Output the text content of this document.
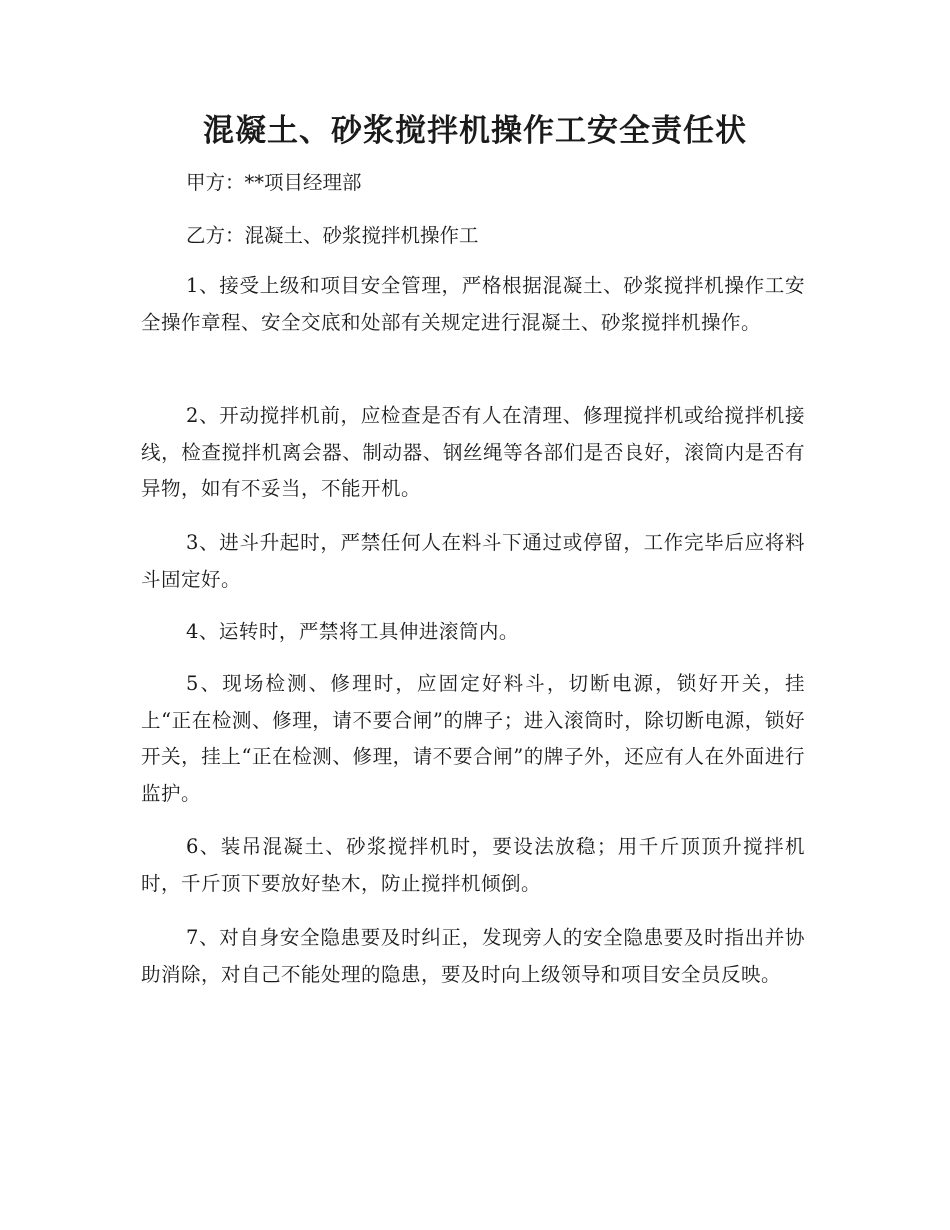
混凝土、砂浆搅拌机操作工安全责任状
甲方：**项目经理部
乙方：混凝土、砂浆搅拌机操作工

1、接受上级和项目安全管理，严格根据混凝土、砂浆搅拌机操作工安全操作章程、安全交底和处部有关规定进行混凝土、砂浆搅拌机操作。

2、开动搅拌机前，应检查是否有人在清理、修理搅拌机或给搅拌机接线，检查搅拌机离会器、制动器、钢丝绳等各部们是否良好，滚筒内是否有异物，如有不妥当，不能开机。

3、进斗升起时，严禁任何人在料斗下通过或停留，工作完毕后应将料斗固定好。

4、运转时，严禁将工具伸进滚筒内。

5、现场检测、修理时，应固定好料斗，切断电源，锁好开关，挂上“正在检测、修理，请不要合闸”的牌子；进入滚筒时，除切断电源，锁好开关，挂上“正在检测、修理，请不要合闸”的牌子外，还应有人在外面进行监护。

6、装吊混凝土、砂浆搅拌机时，要设法放稳；用千斤顶顶升搅拌机时，千斤顶下要放好垫木，防止搅拌机倾倒。

7、对自身安全隐患要及时纠正，发现旁人的安全隐患要及时指出并协助消除，对自己不能处理的隐患，要及时向上级领导和项目安全员反映。
